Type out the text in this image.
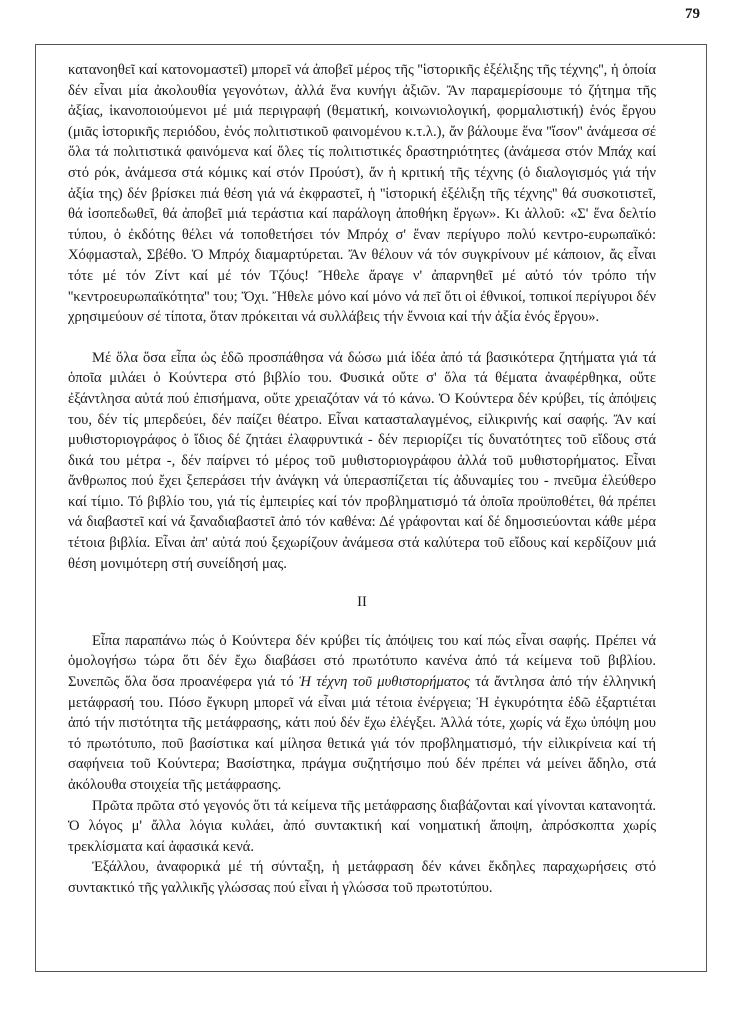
79

κατανοηθεῖ καί κατονομαστεῖ) μπορεῖ νά ἀποβεῖ μέρος τῆς ''ἱστορικῆς ἐξέλιξης τῆς τέχνης'', ἡ ὁποία δέν εἶναι μία ἀκολουθία γεγονότων, ἀλλά ἕνα κυνήγι ἀξιῶν. Ἄν παραμερίσουμε τό ζήτημα τῆς ἀξίας, ἱκανοποιούμενοι μέ μιά περιγραφή (θεματική, κοινωνιολογική, φορμαλιστική) ἑνός ἔργου (μιᾶς ἱστορικῆς περιόδου, ἑνός πολιτιστικοῦ φαινομένου κ.τ.λ.), ἄν βάλουμε ἕνα ''ἴσον'' ἀνάμεσα σέ ὅλα τά πολιτιστικά φαινόμενα καί ὅλες τίς πολιτιστικές δραστηριότητες (ἀνάμεσα στόν Μπάχ καί στό ρόκ, ἀνάμεσα στά κόμικς καί στόν Προύστ), ἄν ἡ κριτική τῆς τέχνης (ὁ διαλογισμός γιά τήν ἀξία της) δέν βρίσκει πιά θέση γιά νά ἐκφραστεῖ, ἡ ''ἱστορική ἐξέλιξη τῆς τέχνης'' θά συσκοτιστεῖ, θά ἰσοπεδωθεῖ, θά ἀποβεῖ μιά τεράστια καί παράλογη ἀποθήκη ἔργων». Κι ἀλλοῦ: «Σ' ἕνα δελτίο τύπου, ὁ ἐκδότης θέλει νά τοποθετήσει τόν Μπρόχ σ' ἕναν περίγυρο πολύ κεντρο-ευρωπαϊκό: Χόφμασταλ, Σβέθο. Ὁ Μπρόχ διαμαρτύρεται. Ἄν θέλουν νά τόν συγκρίνουν μέ κάποιον, ἄς εἶναι τότε μέ τόν Ζίντ καί μέ τόν Τζόυς! Ἤθελε ἄραγε ν' ἀπαρνηθεῖ μέ αὐτό τόν τρόπο τήν ''κεντροευρωπαϊκότητα'' του; Ὄχι. Ἤθελε μόνο καί μόνο νά πεῖ ὅτι οἱ ἐθνικοί, τοπικοί περίγυροι δέν χρησιμεύουν σέ τίποτα, ὅταν πρόκειται νά συλλάβεις τήν ἔννοια καί τήν ἀξία ἑνός ἔργου».

Μέ ὅλα ὅσα εἶπα ὡς ἐδῶ προσπάθησα νά δώσω μιά ἰδέα ἀπό τά βασικότερα ζητήματα γιά τά ὁποῖα μιλάει ὁ Κούντερα στό βιβλίο του. Φυσικά οὔτε σ' ὅλα τά θέματα ἀναφέρθηκα, οὔτε ἐξάντλησα αὐτά πού ἐπισήμανα, οὔτε χρειαζόταν νά τό κάνω. Ὁ Κούντερα δέν κρύβει, τίς ἀπόψεις του, δέν τίς μπερδεύει, δέν παίζει θέατρο. Εἶναι κατασταλαγμένος, εἰλικρινής καί σαφής. Ἄν καί μυθιστοριογράφος ὁ ἴδιος δέ ζητάει ἐλαφρυντικά - δέν περιορίζει τίς δυνατότητες τοῦ εἴδους στά δικά του μέτρα -, δέν παίρνει τό μέρος τοῦ μυθιστοριογράφου ἀλλά τοῦ μυθιστορήματος. Εἶναι ἄνθρωπος πού ἔχει ξεπεράσει τήν ἀνάγκη νά ὑπερασπίζεται τίς ἀδυναμίες του - πνεῦμα ἐλεύθερο καί τίμιο. Τό βιβλίο του, γιά τίς ἐμπειρίες καί τόν προβληματισμό τά ὁποῖα προϋποθέτει, θά πρέπει νά διαβαστεῖ καί νά ξαναδιαβαστεῖ ἀπό τόν καθένα: Δέ γράφονται καί δέ δημοσιεύονται κάθε μέρα τέτοια βιβλία. Εἶναι ἀπ' αὐτά πού ξεχωρίζουν ἀνάμεσα στά καλύτερα τοῦ εἴδους καί κερδίζουν μιά θέση μονιμότερη στή συνείδησή μας.

II

Εἶπα παραπάνω πώς ὁ Κούντερα δέν κρύβει τίς ἀπόψεις του καί πώς εἶναι σαφής. Πρέπει νά ὁμολογήσω τώρα ὅτι δέν ἔχω διαβάσει στό πρωτότυπο κανένα ἀπό τά κείμενα τοῦ βιβλίου. Συνεπῶς ὅλα ὅσα προανέφερα γιά τό Ἡ τέχνη τοῦ μυθιστορήματος τά ἄντλησα ἀπό τήν ἑλληνική μετάφρασή του. Πόσο ἔγκυρη μπορεῖ νά εἶναι μιά τέτοια ἐνέργεια; Ἡ ἐγκυρότητα ἐδῶ ἐξαρτιέται ἀπό τήν πιστότητα τῆς μετάφρασης, κάτι πού δέν ἔχω ἐλέγξει. Ἀλλά τότε, χωρίς νά ἔχω ὑπόψη μου τό πρωτότυπο, ποῦ βασίστικα καί μίλησα θετικά γιά τόν προβληματισμό, τήν εἰλικρίνεια καί τή σαφήνεια τοῦ Κούντερα; Βασίστηκα, πράγμα συζητήσιμο πού δέν πρέπει νά μείνει ἄδηλο, στά ἀκόλουθα στοιχεία τῆς μετάφρασης.

Πρῶτα πρῶτα στό γεγονός ὅτι τά κείμενα τῆς μετάφρασης διαβάζονται καί γίνονται κατανοητά. Ὁ λόγος μ' ἄλλα λόγια κυλάει, ἀπό συντακτική καί νοηματική ἄποψη, ἀπρόσκοπτα χωρίς τρεκλίσματα καί ἀφασικά κενά.

Ἐξάλλου, ἀναφορικά μέ τή σύνταξη, ἡ μετάφραση δέν κάνει ἔκδηλες παραχωρήσεις στό συντακτικό τῆς γαλλικῆς γλώσσας πού εἶναι ἡ γλώσσα τοῦ πρωτοτύπου.
